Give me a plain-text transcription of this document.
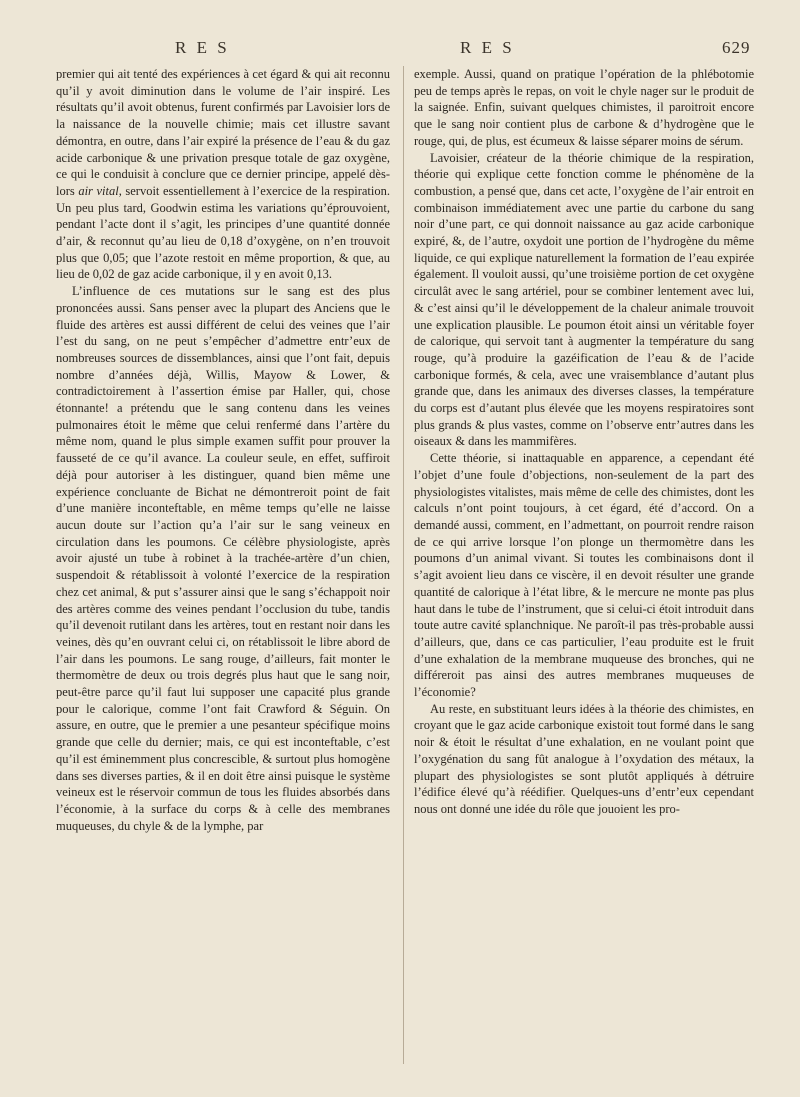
R E S	R E S	629

premier qui ait tenté des expériences à cet égard & qui ait reconnu qu’il y avoit diminution dans le volume de l’air inspiré. Les résultats qu’il avoit obtenus, furent confirmés par Lavoisier lors de la naissance de la nouvelle chimie; mais cet illustre savant démontra, en outre, dans l’air expiré la présence de l’eau & du gaz acide carbonique & une privation presque totale de gaz oxygène, ce qui le conduisit à conclure que ce dernier principe, appelé dès-lors air vital, servoit essentiellement à l’exercice de la respiration. Un peu plus tard, Goodwin estima les variations qu’éprouvoient, pendant l’acte dont il s’agit, les principes d’une quantité donnée d’air, & reconnut qu’au lieu de 0,18 d’oxygène, on n’en trouvoit plus que 0,05; que l’azote restoit en même proportion, & que, au lieu de 0,02 de gaz acide carbonique, il y en avoit 0,13.

L’influence de ces mutations sur le sang est des plus prononcées aussi. Sans penser avec la plupart des Anciens que le fluide des artères est aussi différent de celui des veines que l’air l’est du sang, on ne peut s’empêcher d’admettre entr’eux de nombreuses sources de dissemblances, ainsi que l’ont fait, depuis nombre d’années déjà, Willis, Mayow & Lower, & contradictoirement à l’assertion émise par Haller, qui, chose étonnante! a prétendu que le sang contenu dans les veines pulmonaires étoit le même que celui renfermé dans l’artère du même nom, quand le plus simple examen suffit pour prouver la fausseté de ce qu’il avance. La couleur seule, en effet, suffiroit déjà pour autoriser à les distinguer, quand bien même une expérience concluante de Bichat ne démontreroit point de fait d’une manière inconteftable, en même temps qu’elle ne laisse aucun doute sur l’action qu’a l’air sur le sang veineux en circulation dans les poumons. Ce célèbre physiologiste, après avoir ajusté un tube à robinet à la trachée-artère d’un chien, suspendoit & rétablissoit à volonté l’exercice de la respiration chez cet animal, & put s’assurer ainsi que le sang s’échappoit noir des artères comme des veines pendant l’occlusion du tube, tandis qu’il devenoit rutilant dans les artères, tout en restant noir dans les veines, dès qu’en ouvrant celui ci, on rétablissoit le libre abord de l’air dans les poumons. Le sang rouge, d’ailleurs, fait monter le thermomètre de deux ou trois degrés plus haut que le sang noir, peut-être parce qu’il faut lui supposer une capacité plus grande pour le calorique, comme l’ont fait Crawford & Séguin. On assure, en outre, que le premier a une pesanteur spécifique moins grande que celle du dernier; mais, ce qui est inconteftable, c’est qu’il est éminemment plus concrescible, & surtout plus homogène dans ses diverses parties, & il en doit être ainsi puisque le système veineux est le réservoir commun de tous les fluides absorbés dans l’économie, à la surface du corps & à celle des membranes muqueuses, du chyle & de la lymphe, par

exemple. Aussi, quand on pratique l’opération de la phlébotomie peu de temps après le repas, on voit le chyle nager sur le produit de la saignée. Enfin, suivant quelques chimistes, il paroitroit encore que le sang noir contient plus de carbone & d’hydrogène que le rouge, qui, de plus, est écumeux & laisse séparer moins de sérum.

Lavoisier, créateur de la théorie chimique de la respiration, théorie qui explique cette fonction comme le phénomène de la combustion, a pensé que, dans cet acte, l’oxygène de l’air entroit en combinaison immédiatement avec une partie du carbone du sang noir d’une part, ce qui donnoit naissance au gaz acide carbonique expiré, &, de l’autre, oxydoit une portion de l’hydrogène du même liquide, ce qui explique naturellement la formation de l’eau expirée également. Il vouloit aussi, qu’une troisième portion de cet oxygène circulât avec le sang artériel, pour se combiner lentement avec lui, & c’est ainsi qu’il le développement de la chaleur animale trouvoit une explication plausible. Le poumon étoit ainsi un véritable foyer de calorique, qui servoit tant à augmenter la température du sang rouge, qu’à produire la gazéification de l’eau & de l’acide carbonique formés, & cela, avec une vraisemblance d’autant plus grande que, dans les animaux des diverses classes, la température du corps est d’autant plus élevée que les moyens respiratoires sont plus grands & plus vastes, comme on l’observe entr’autres dans les oiseaux & dans les mammifères.

Cette théorie, si inattaquable en apparence, a cependant été l’objet d’une foule d’objections, non-seulement de la part des physiologistes vitalistes, mais même de celle des chimistes, dont les calculs n’ont point toujours, à cet égard, été d’accord. On a demandé aussi, comment, en l’admettant, on pourroit rendre raison de ce qui arrive lorsque l’on plonge un thermomètre dans les poumons d’un animal vivant. Si toutes les combinaisons dont il s’agit avoient lieu dans ce viscère, il en devoit résulter une grande quantité de calorique à l’état libre, & le mercure ne monte pas plus haut dans le tube de l’instrument, que si celui-ci étoit introduit dans toute autre cavité splanchnique. Ne paroît-il pas très-probable aussi d’ailleurs, que, dans ce cas particulier, l’eau produite est le fruit d’une exhalation de la membrane muqueuse des bronches, qui ne différeroit pas ainsi des autres membranes muqueuses de l’économie?

Au reste, en substituant leurs idées à la théorie des chimistes, en croyant que le gaz acide carbonique existoit tout formé dans le sang noir & étoit le résultat d’une exhalation, en ne voulant point que l’oxygénation du sang fût analogue à l’oxydation des métaux, la plupart des physiologistes se sont plutôt appliqués à détruire l’édifice élevé qu’à réédifier. Quelques-uns d’entr’eux cependant nous ont donné une idée du rôle que jouoient les pro-
